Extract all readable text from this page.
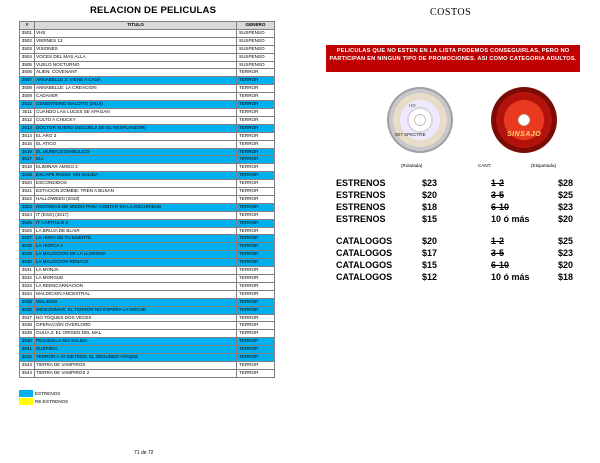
RELACION DE PELICULAS	COSTOS
#	TITULO	GENERO
3501	VHS	SUSPENSO
3502	VIERNES 13	SUSPENSO
3503	VISIONES	SUSPENSO
3504	VOCES DEL MAS ALLA	SUSPENSO
3505	VUELO NOCTURNO	SUSPENSO
3506	ALIEN: COVENANT	TERROR
3507	ANNABELLE 3: VIENE A CASA	TERROR
3508	ANNABELLE: LA CREACION	TERROR
3509	CADAVER	TERROR
3510	CEMENTERIO MALDITO (2019)	TERROR
3511	CUANDO LAS LUCES SE APAGAN	TERROR
3512	CULTO A CHUCKY	TERROR
3513	DOCTOR SUEÑO (SECUELA DE EL RESPLANDOR)	TERROR
3514	EL ARO 3	TERROR
3515	EL ATICO	TERROR
3516	EL MUÑECO DIABOLICO	TERROR
3517	ELI	TERROR
3518	ELIMINAR AMIGO 2	TERROR
3519	ESCAPE ROOM: SIN SALIDA	TERROR
3520	ESCONDIDOS	TERROR
3521	ESTACION ZOMBIE: TREN A BUSAN	TERROR
3522	HALLOWEEN (2018)	TERROR
3523	HISTORIAS DE MIEDO PARA CONTAR EN LA OSCURIDAD	TERROR
3524	IT (ESO) (2017)	TERROR
3525	IT CAPITULO 2	TERROR
3526	LA BRUJA DE BLAIR	TERROR
3527	LA HORA DE TU MUERTE	TERROR
3528	LA HORCA 2	TERROR
3529	LA MALDICION DE LA LLORONA	TERROR
3530	LA MALDICION RENACE	TERROR
3531	LA MONJA	TERROR
3532	LA MORGUE	TERROR
3533	LA REENCARNACION	TERROR
3534	MALDICION ANCESTRAL	TERROR
3535	MALIGNO	TERROR
3536	MIDSOMMAR: EL TERROR NO ESPERA LA NOCHE	TERROR
3537	NO TOQUES DOS VECES	TERROR
3538	OPERACIÓN OVERLORD	TERROR
3539	OUIJA 2: EL ORIGEN DEL MAL	TERROR
3540	PESADILLA SIN SALIDA	TERROR
3541	SUSPIRIA	TERROR
3542	TERROR A 47 METROS: EL SEGUNDO ATAQUE	TERROR
3543	TIERRA DE VAMPIROS	TERROR
3544	TIERRA DE VAMPIROS 2	TERROR
ESTRENOS
RE-ESTRENOS
71 de 72
PELICULAS QUE NO ESTEN EN LA LISTA PODEMOS CONSEGUIRLAS, PERO NO PARTICIPAN EN NINGUN TIPO DE PROMOCIONES. ASI COMO CATEGORIA ADULTOS.
HD
007 SPECTRE	SINSAJO
(Rotulada)	CANT.	(Etiquetada)
ESTRENOS	$23	1-2	$28
ESTRENOS	$20	3-5	$25
ESTRENOS	$18	6-10	$23
ESTRENOS	$15	10 ó más	$20
CATALOGOS	$20	1-2	$25
CATALOGOS	$17	3-5	$23
CATALOGOS	$15	6-10	$20
CATALOGOS	$12	10 ó más	$18
